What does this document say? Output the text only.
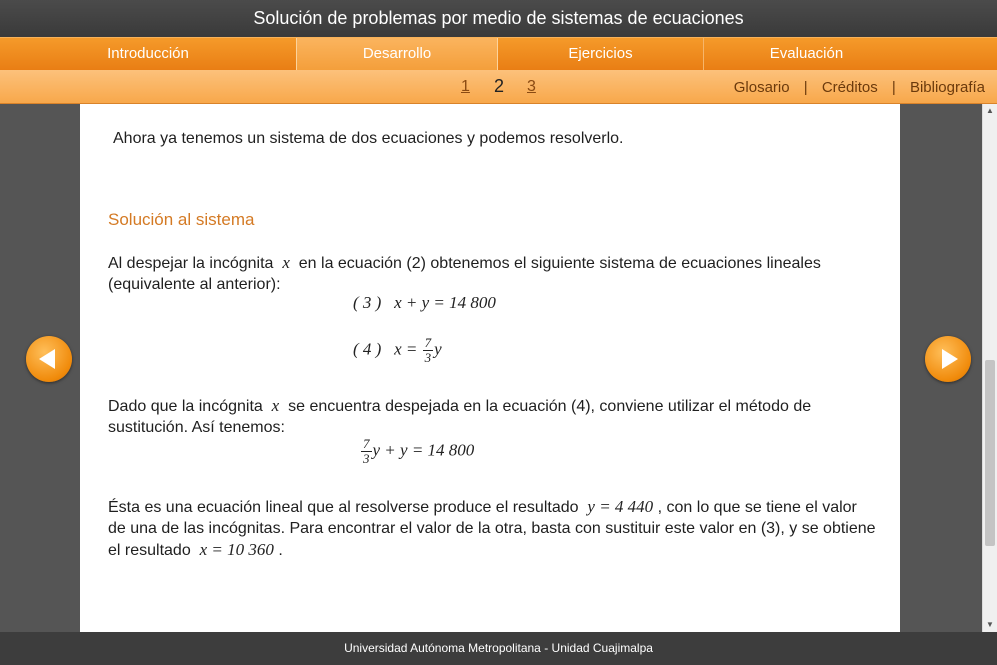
Solución de problemas por medio de sistemas de ecuaciones
Introducción	Desarrollo	Ejercicios	Evaluación
1 2 3	Glosario | Créditos | Bibliografía
Ahora ya tenemos un sistema de dos ecuaciones y podemos resolverlo.
Solución al sistema
Al despejar la incógnita x en la ecuación (2) obtenemos el siguiente sistema de ecuaciones lineales (equivalente al anterior):
( 3 ) x + y = 14 800
( 4 ) $x = \frac{7}{3}$ y
Dado que la incógnita x se encuentra despejada en la ecuación (4), conviene utilizar el método de sustitución. Así tenemos:
$\frac{7}{3}$ y + y = 14 800
Ésta es una ecuación lineal que al resolverse produce el resultado y = 4 440 , con lo que se tiene el valor de una de las incógnitas. Para encontrar el valor de la otra, basta con sustituir este valor en (3), y se obtiene el resultado x = 10 360 .
▲
▼
Universidad Autónoma Metropolitana - Unidad Cuajimalpa
